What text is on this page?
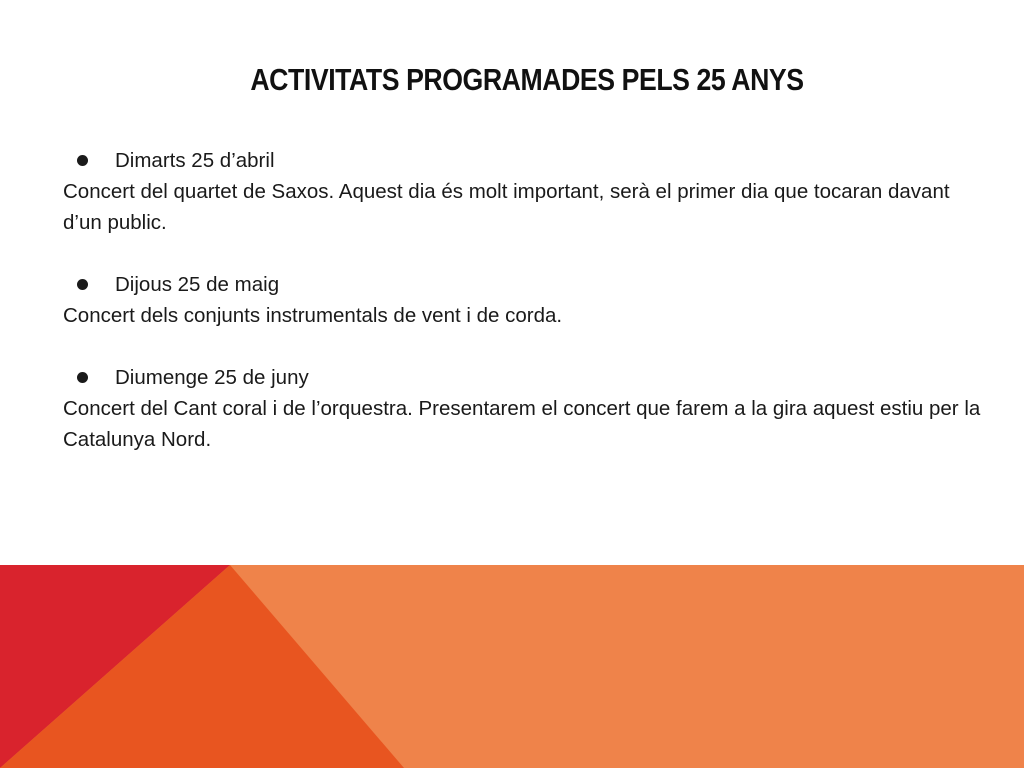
ACTIVITATS PROGRAMADES PELS 25 ANYS
Dimarts 25 d’abril
Concert del quartet de Saxos. Aquest dia és molt important, serà el primer dia que tocaran davant d’un public.
Dijous 25 de maig
Concert dels conjunts instrumentals de vent i de corda.
Diumenge 25 de juny
Concert del Cant coral i de l’orquestra. Presentarem el concert que farem a la gira aquest estiu per la Catalunya Nord.
